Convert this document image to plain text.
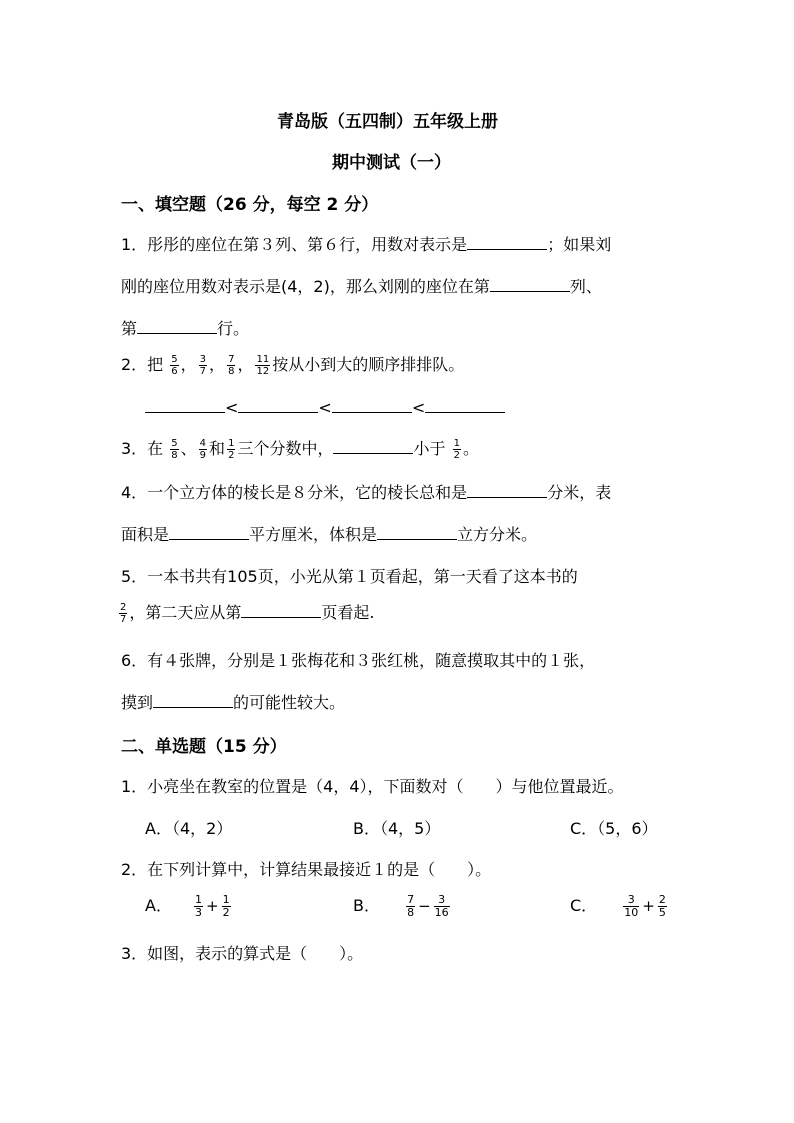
青岛版（五四制）五年级上册
期中测试（一）
一、填空题（26 分，每空 2 分）
1．彤彤的座位在第３列、第６行，用数对表示是	；如果刘
刚的座位用数对表示是(4，2)，那么刘刚的座位在第	列、
第	行。
2．把 $\frac{5}{6}$ ， $\frac{3}{7}$ ， $\frac{7}{8}$ ， $\frac{11}{12}$ 按从小到大的顺序排排队。
<	<	<
3．在 $\frac{5}{8}$ 、 $\frac{4}{9}$ 和 $\frac{1}{2}$ 三个分数中，	小于 $\frac{1}{2}$ 。
4．一个立方体的棱长是８分米，它的棱长总和是	分米，表
面积是	平方厘米，体积是	立方分米。
5．一本书共有105页，小光从第１页看起，第一天看了这本书的
$\frac{2}{7}$ ，第二天应从第	页看起.
6．有４张牌，分别是１张梅花和３张红桃，随意摸取其中的１张，
摸到	的可能性较大。
二、单选题（15 分）
1．小亮坐在教室的位置是（4，4），下面数对（　　）与他位置最近。
A．（4，2）	B．（4，5）	C．（5，6）
2．在下列计算中，计算结果最接近１的是（　　）。
A． $\frac{1}{3} + \frac{1}{2}$	B． $\frac{7}{8} - \frac{3}{16}$	C． $\frac{3}{10} + \frac{2}{5}$
3．如图，表示的算式是（　　）。
